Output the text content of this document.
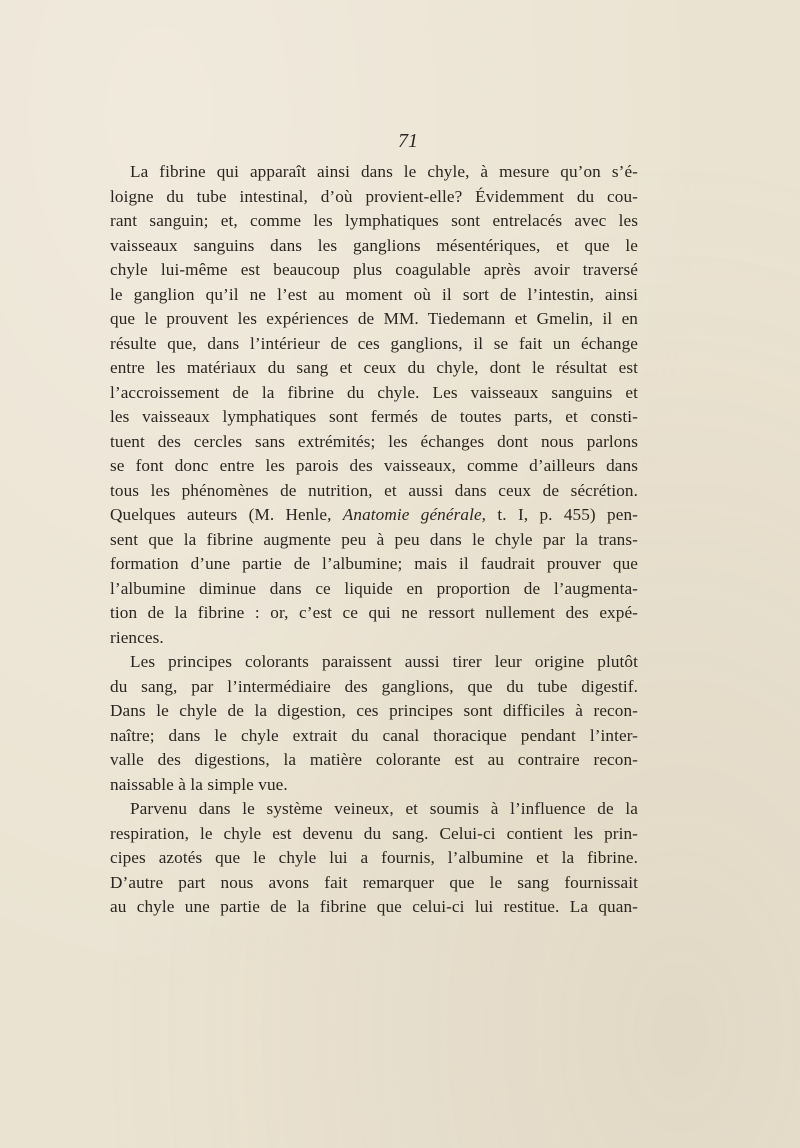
71
La fibrine qui apparaît ainsi dans le chyle, à mesure qu’on s’é-
loigne du tube intestinal, d’où provient-elle? Évidemment du cou-
rant sanguin; et, comme les lymphatiques sont entrelacés avec les
vaisseaux sanguins dans les ganglions mésentériques, et que le
chyle lui-même est beaucoup plus coagulable après avoir traversé
le ganglion qu’il ne l’est au moment où il sort de l’intestin, ainsi
que le prouvent les expériences de MM. Tiedemann et Gmelin, il en
résulte que, dans l’intérieur de ces ganglions, il se fait un échange
entre les matériaux du sang et ceux du chyle, dont le résultat est
l’accroissement de la fibrine du chyle. Les vaisseaux sanguins et
les vaisseaux lymphatiques sont fermés de toutes parts, et consti-
tuent des cercles sans extrémités; les échanges dont nous parlons
se font donc entre les parois des vaisseaux, comme d’ailleurs dans
tous les phénomènes de nutrition, et aussi dans ceux de sécrétion.
Quelques auteurs (M. Henle, Anatomie générale, t. I, p. 455) pen-
sent que la fibrine augmente peu à peu dans le chyle par la trans-
formation d’une partie de l’albumine; mais il faudrait prouver que
l’albumine diminue dans ce liquide en proportion de l’augmenta-
tion de la fibrine : or, c’est ce qui ne ressort nullement des expé-
riences.
Les principes colorants paraissent aussi tirer leur origine plutôt
du sang, par l’intermédiaire des ganglions, que du tube digestif.
Dans le chyle de la digestion, ces principes sont difficiles à recon-
naître; dans le chyle extrait du canal thoracique pendant l’inter-
valle des digestions, la matière colorante est au contraire recon-
naissable à la simple vue.
Parvenu dans le système veineux, et soumis à l’influence de la
respiration, le chyle est devenu du sang. Celui-ci contient les prin-
cipes azotés que le chyle lui a fournis, l’albumine et la fibrine.
D’autre part nous avons fait remarquer que le sang fournissait
au chyle une partie de la fibrine que celui-ci lui restitue. La quan-
